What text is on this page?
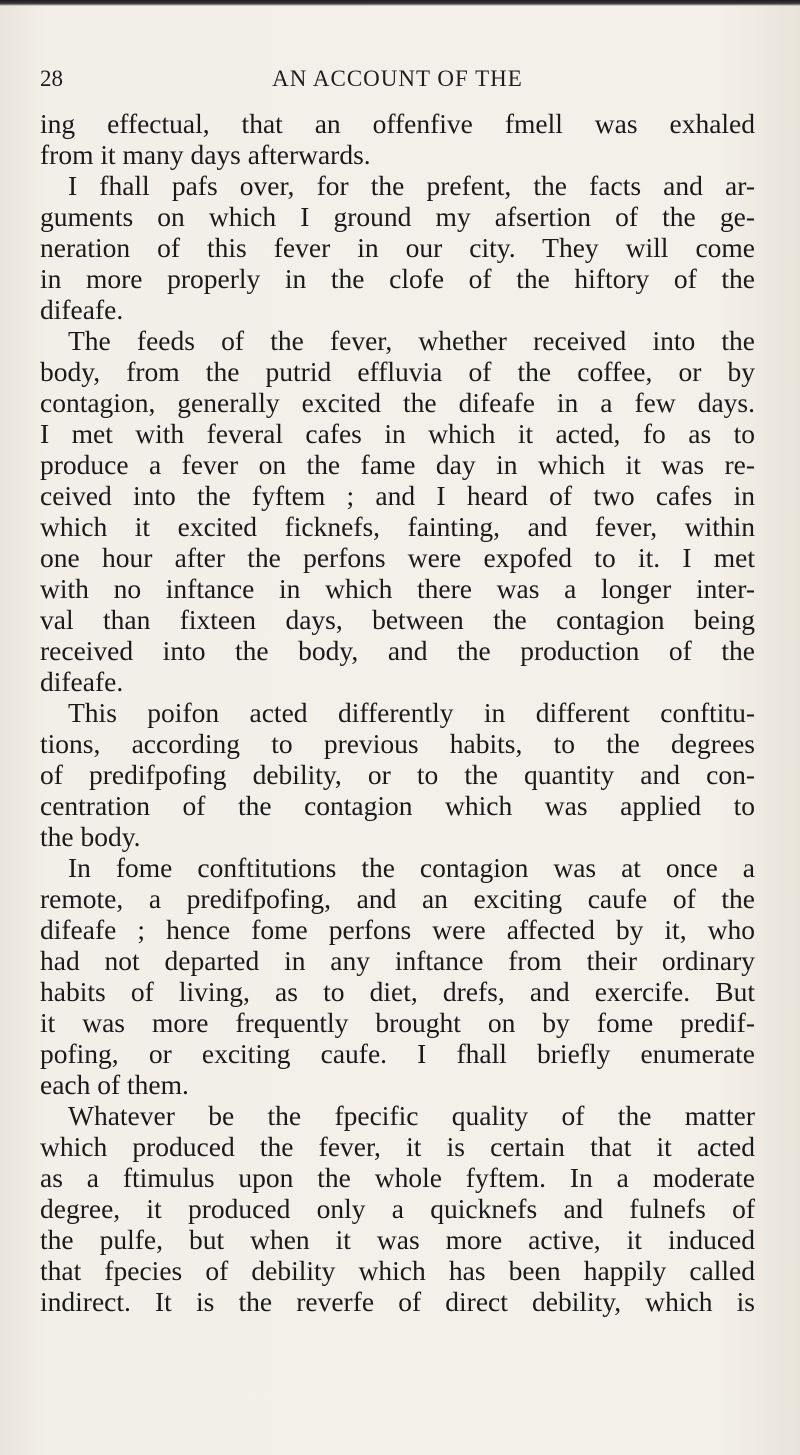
28	AN ACCOUNT OF THE
ing effectual, that an offenfive fmell was exhaled
from it many days afterwards.
I fhall pafs over, for the prefent, the facts and ar-
guments on which I ground my afsertion of the ge-
neration of this fever in our city. They will come
in more properly in the clofe of the hiftory of the
difeafe.
The feeds of the fever, whether received into the
body, from the putrid effluvia of the coffee, or by
contagion, generally excited the difeafe in a few days.
I met with feveral cafes in which it acted, fo as to
produce a fever on the fame day in which it was re-
ceived into the fyftem ; and I heard of two cafes in
which it excited ficknefs, fainting, and fever, within
one hour after the perfons were expofed to it. I met
with no inftance in which there was a longer inter-
val than fixteen days, between the contagion being
received into the body, and the production of the
difeafe.
This poifon acted differently in different conftitu-
tions, according to previous habits, to the degrees
of predifpofing debility, or to the quantity and con-
centration of the contagion which was applied to
the body.
In fome conftitutions the contagion was at once a
remote, a predifpofing, and an exciting caufe of the
difeafe ; hence fome perfons were affected by it, who
had not departed in any inftance from their ordinary
habits of living, as to diet, drefs, and exercife. But
it was more frequently brought on by fome predif-
pofing, or exciting caufe. I fhall briefly enumerate
each of them.
Whatever be the fpecific quality of the matter
which produced the fever, it is certain that it acted
as a ftimulus upon the whole fyftem. In a moderate
degree, it produced only a quicknefs and fulnefs of
the pulfe, but when it was more active, it induced
that fpecies of debility which has been happily called
indirect. It is the reverfe of direct debility, which is
